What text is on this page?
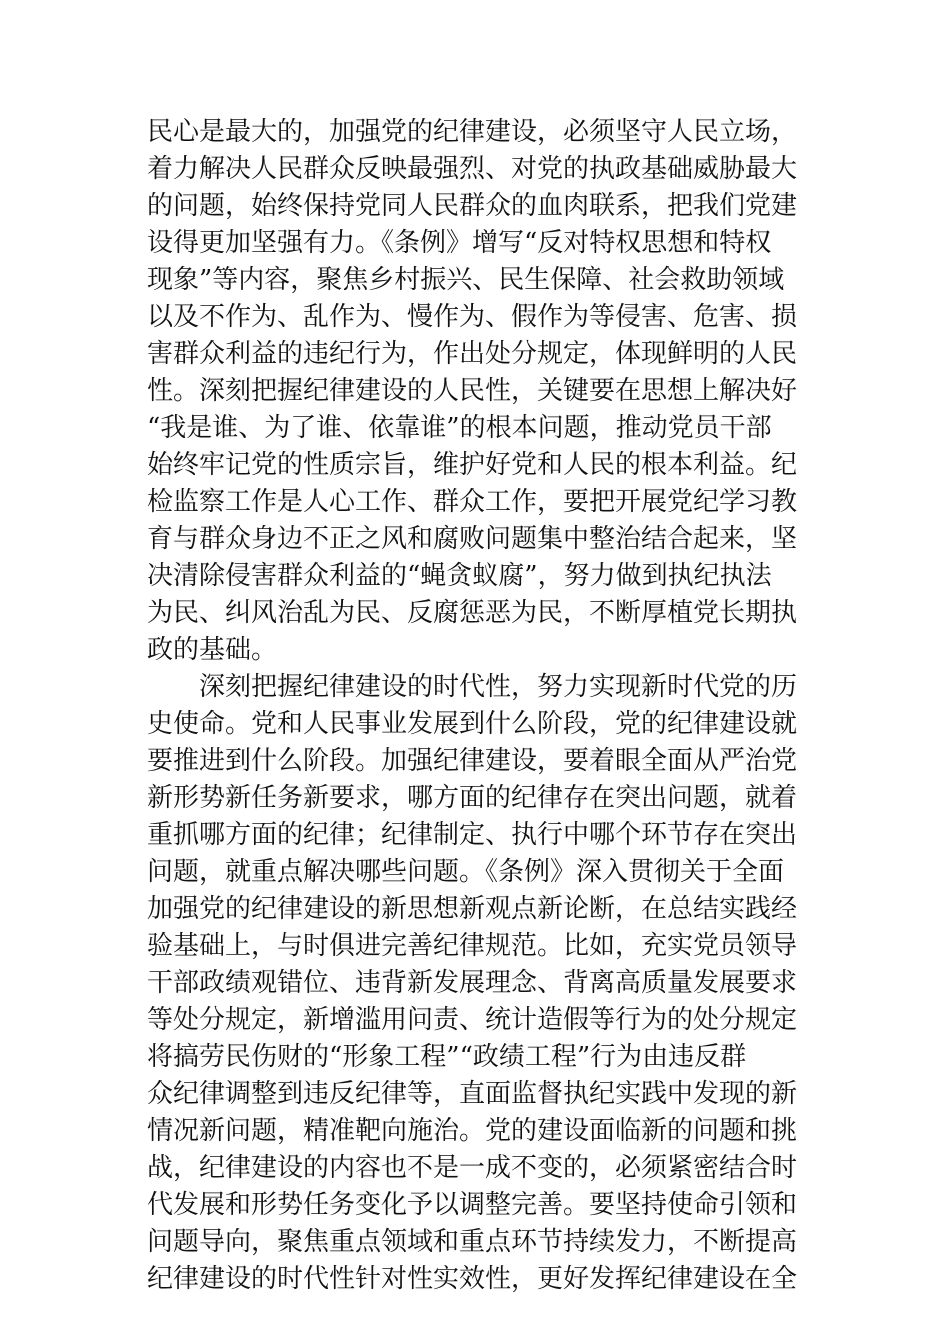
民心是最大的，加强党的纪律建设，必须坚守人民立场，
着力解决人民群众反映最强烈、对党的执政基础威胁最大
的问题，始终保持党同人民群众的血肉联系，把我们党建
设得更加坚强有力。《条例》增写“反对特权思想和特权
现象”等内容，聚焦乡村振兴、民生保障、社会救助领域
以及不作为、乱作为、慢作为、假作为等侵害、危害、损
害群众利益的违纪行为，作出处分规定，体现鲜明的人民
性。深刻把握纪律建设的人民性，关键要在思想上解决好
“我是谁、为了谁、依靠谁”的根本问题，推动党员干部
始终牢记党的性质宗旨，维护好党和人民的根本利益。纪
检监察工作是人心工作、群众工作，要把开展党纪学习教
育与群众身边不正之风和腐败问题集中整治结合起来，坚
决清除侵害群众利益的“蝇贪蚁腐”，努力做到执纪执法
为民、纠风治乱为民、反腐惩恶为民，不断厚植党长期执
政的基础。
深刻把握纪律建设的时代性，努力实现新时代党的历
史使命。党和人民事业发展到什么阶段，党的纪律建设就
要推进到什么阶段。加强纪律建设，要着眼全面从严治党
新形势新任务新要求，哪方面的纪律存在突出问题，就着
重抓哪方面的纪律；纪律制定、执行中哪个环节存在突出
问题，就重点解决哪些问题。《条例》深入贯彻关于全面
加强党的纪律建设的新思想新观点新论断，在总结实践经
验基础上，与时俱进完善纪律规范。比如，充实党员领导
干部政绩观错位、违背新发展理念、背离高质量发展要求
等处分规定，新增滥用问责、统计造假等行为的处分规定
将搞劳民伤财的“形象工程”“政绩工程”行为由违反群
众纪律调整到违反纪律等，直面监督执纪实践中发现的新
情况新问题，精准靶向施治。党的建设面临新的问题和挑
战，纪律建设的内容也不是一成不变的，必须紧密结合时
代发展和形势任务变化予以调整完善。要坚持使命引领和
问题导向，聚焦重点领域和重点环节持续发力，不断提高
纪律建设的时代性针对性实效性，更好发挥纪律建设在全
